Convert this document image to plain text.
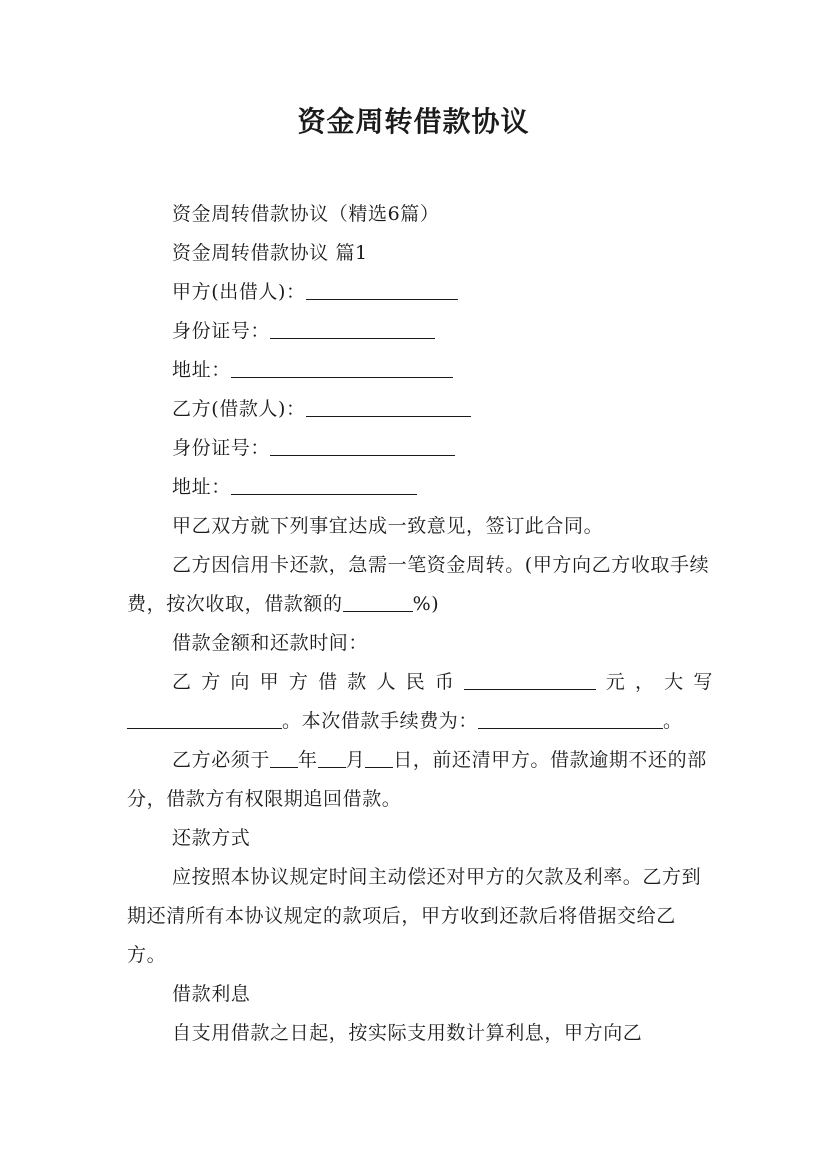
资金周转借款协议

资金周转借款协议（精选6篇）

资金周转借款协议 篇1

甲方(出借人)：

身份证号：

地址：

乙方(借款人)：

身份证号：

地址：

甲乙双方就下列事宜达成一致意见，签订此合同。

乙方因信用卡还款，急需一笔资金周转。(甲方向乙方收取手续费，按次收取，借款额的	%)

借款金额和还款时间：

乙方向甲方借款人民币	元，大写

。本次借款手续费为：	。

乙方必须于 年 月 日，前还清甲方。借款逾期不还的部分，借款方有权限期追回借款。

还款方式

应按照本协议规定时间主动偿还对甲方的欠款及利率。乙方到期还清所有本协议规定的款项后，甲方收到还款后将借据交给乙方。

借款利息

自支用借款之日起，按实际支用数计算利息，甲方向乙
